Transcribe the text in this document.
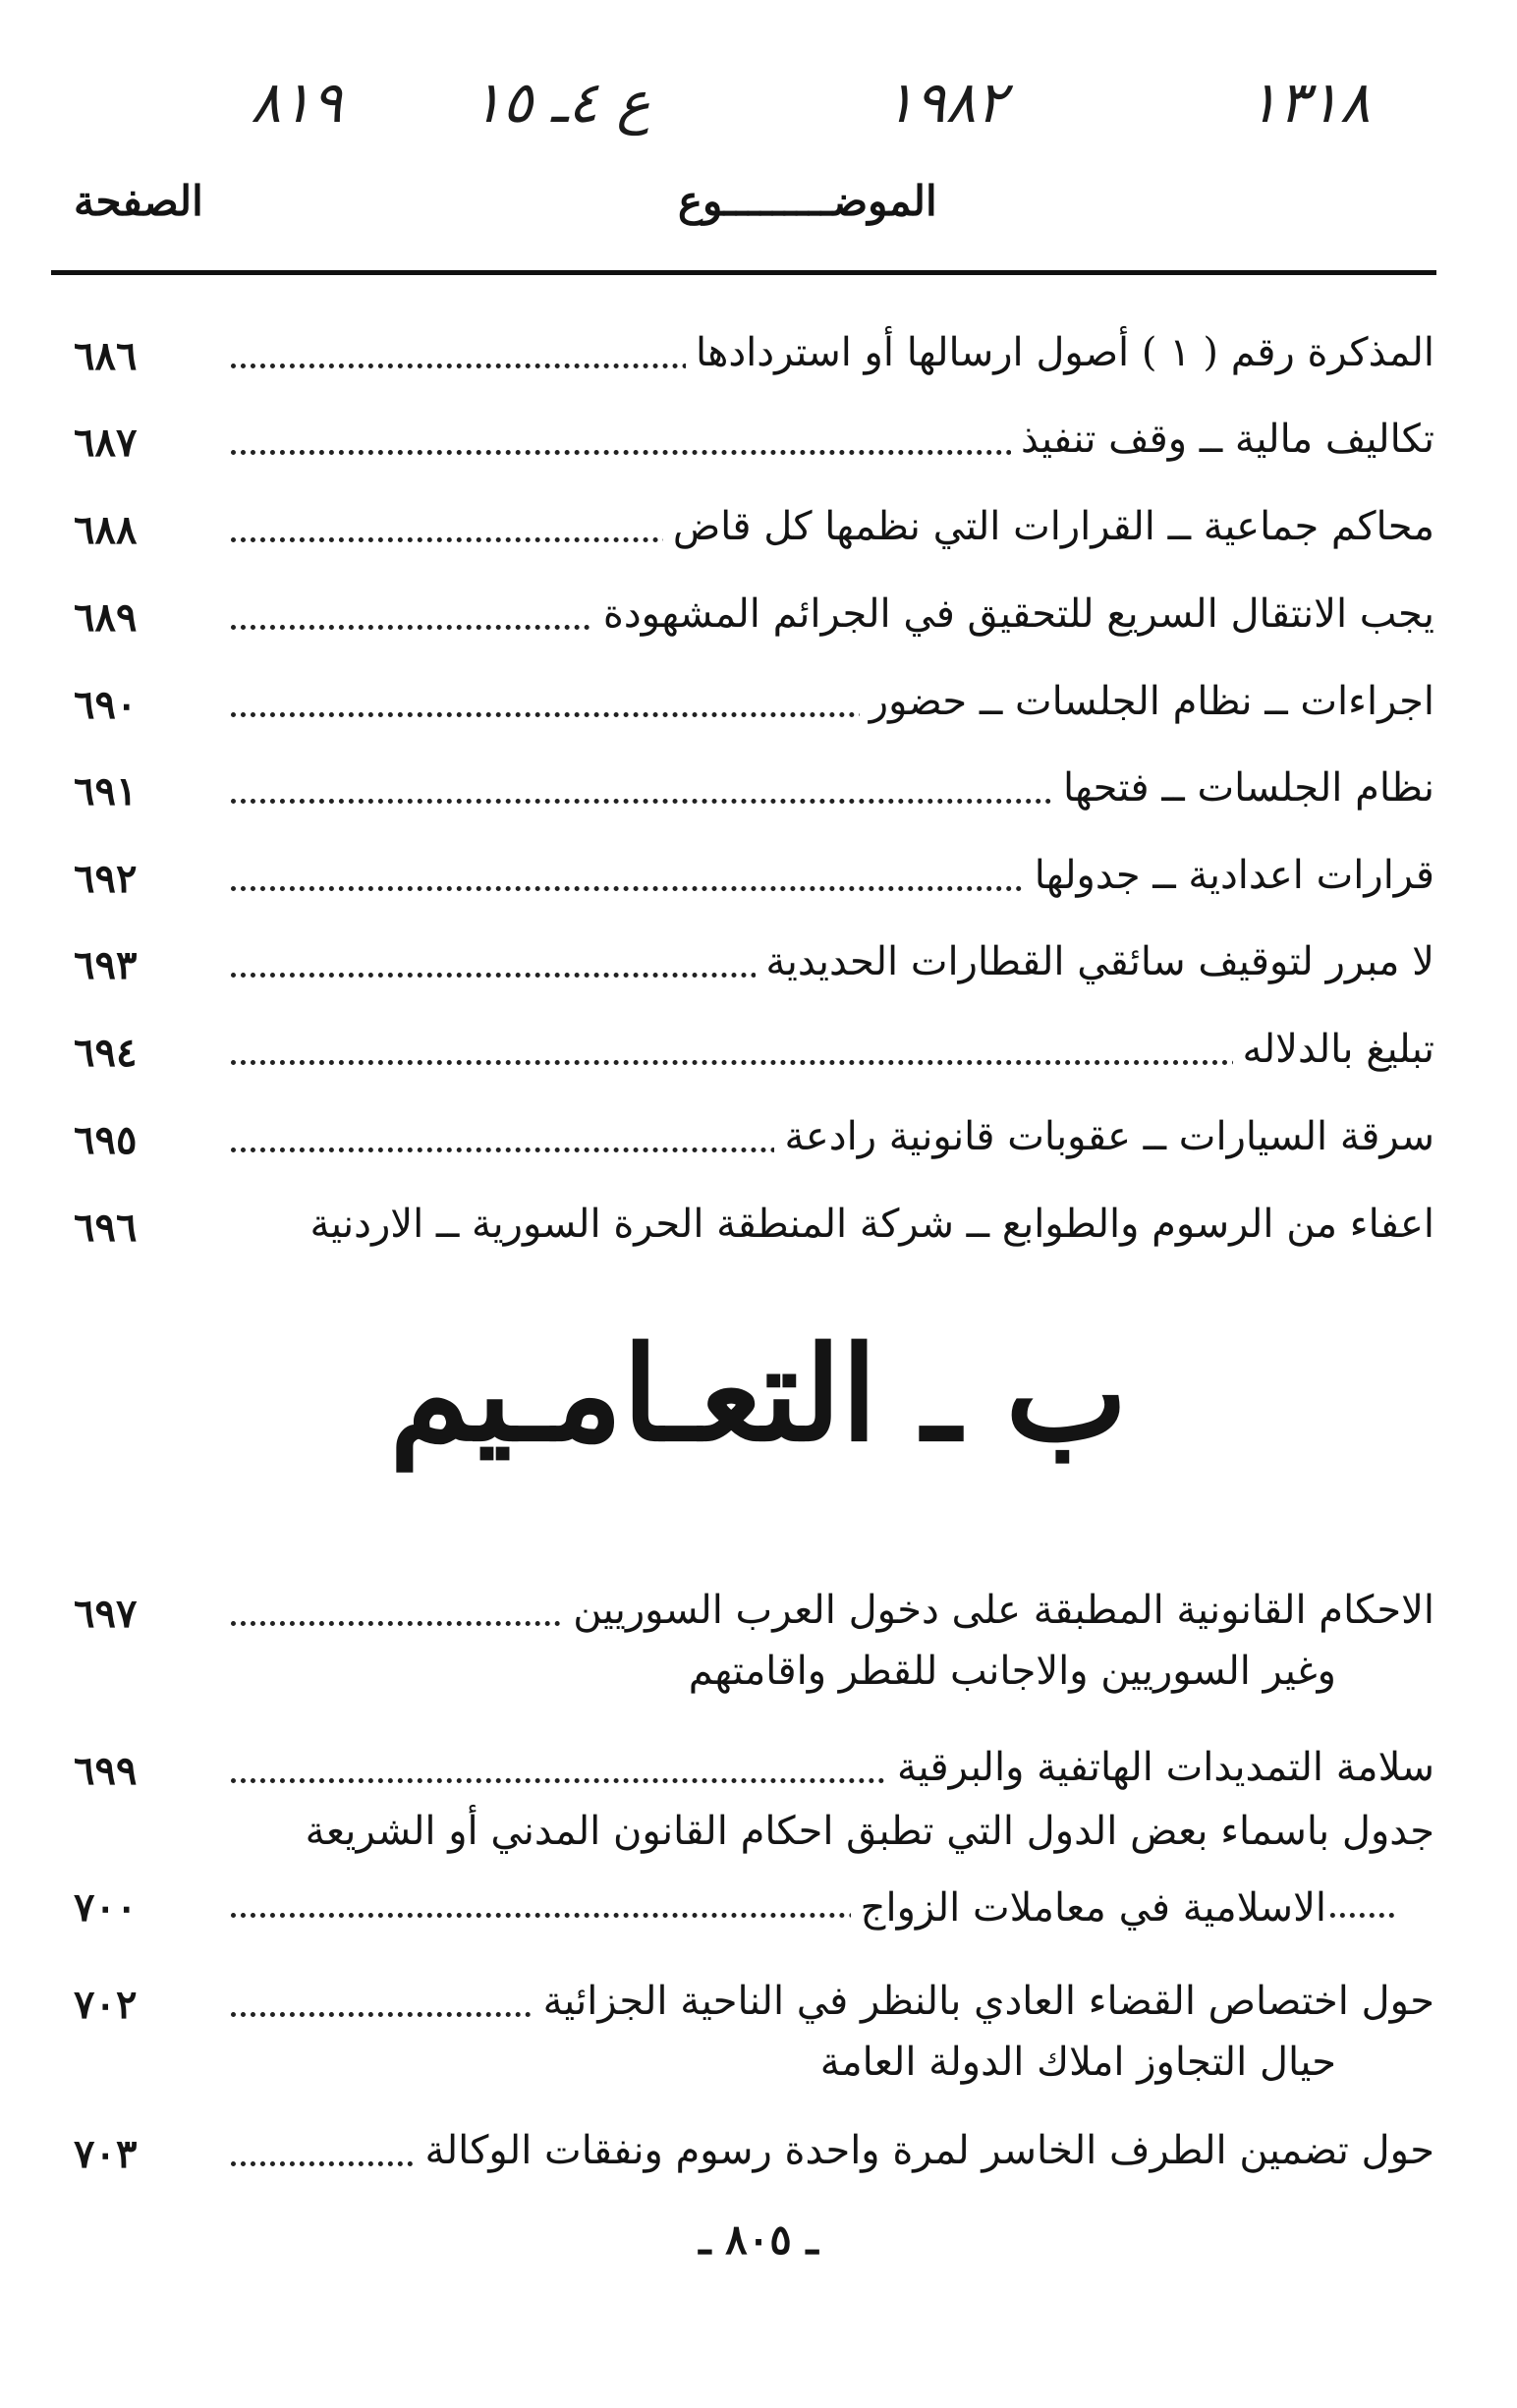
١٣١٨
١٩٨٢
ع ٤ـ ١٥
٨١٩
الصفحة	الموضـــــــــوع
المذكرة رقم ( ١ ) أصول ارسالها أو استردادها
٦٨٦
تكاليف مالية ــ وقف تنفيذ
٦٨٧
محاكم جماعية ــ القرارات التي نظمها كل قاض
٦٨٨
يجب الانتقال السريع للتحقيق في الجرائم المشهودة
٦٨٩
اجراءات ــ نظام الجلسات ــ حضور
٦٩٠
نظام الجلسات ــ فتحها
٦٩١
قرارات اعدادية ــ جدولها
٦٩٢
لا مبرر لتوقيف سائقي القطارات الحديدية
٦٩٣
تبليغ بالدلاله
٦٩٤
سرقة السيارات ــ عقوبات قانونية رادعة
٦٩٥
اعفاء من الرسوم والطوابع ــ شركة المنطقة الحرة السورية ــ الاردنية
٦٩٦
ب ـ التعـامـيم
الاحكام القانونية المطبقة على دخول العرب السوريين
وغير السوريين والاجانب للقطر واقامتهم
٦٩٧
سلامة التمديدات الهاتفية والبرقية
٦٩٩
جدول باسماء بعض الدول التي تطبق احكام القانون المدني أو الشريعة
الاسلامية في معاملات الزواج
٧٠٠
حول اختصاص القضاء العادي بالنظر في الناحية الجزائية
حيال التجاوز املاك الدولة العامة
٧٠٢
حول تضمين الطرف الخاسر لمرة واحدة رسوم ونفقات الوكالة
٧٠٣
ـ ٨٠٥ ـ
